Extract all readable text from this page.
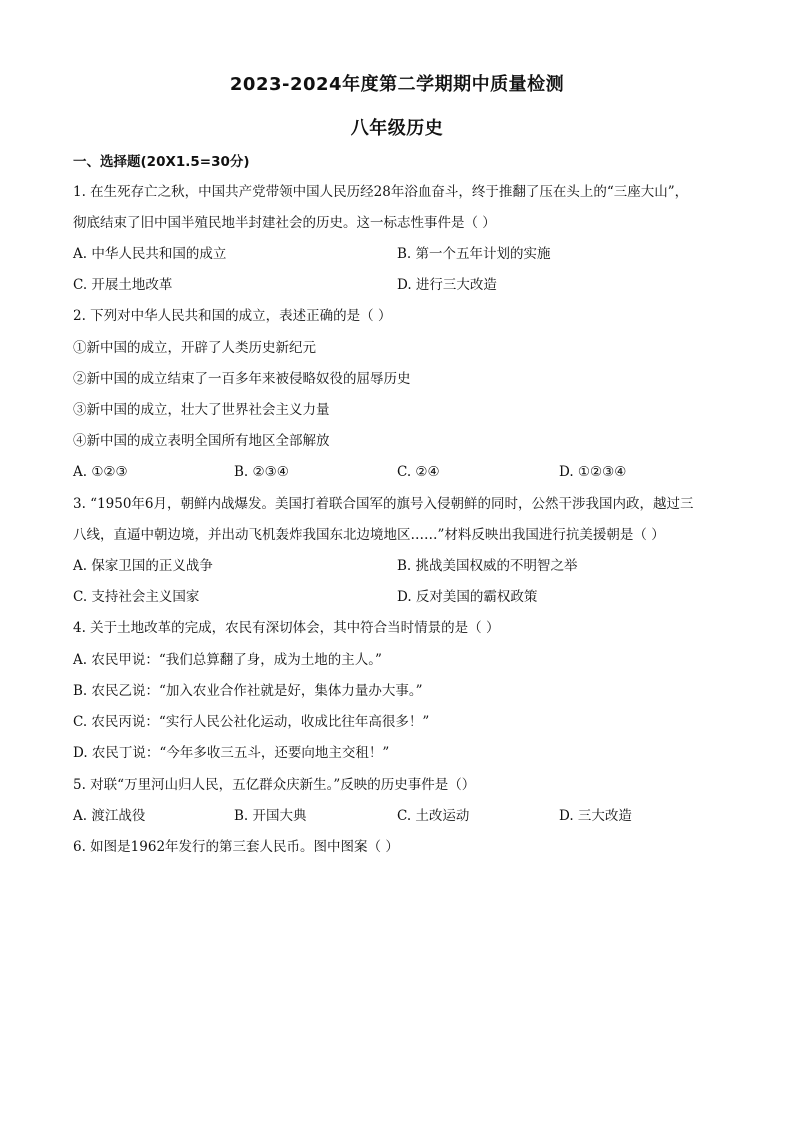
2023-2024年度第二学期期中质量检测
八年级历史
一、选择题(20X1.5=30分)
1. 在生死存亡之秋，中国共产党带领中国人民历经28年浴血奋斗，终于推翻了压在头上的“三座大山”，
彻底结束了旧中国半殖民地半封建社会的历史。这一标志性事件是（ ）
A. 中华人民共和国的成立	B. 第一个五年计划的实施
C. 开展土地改革	D. 进行三大改造
2. 下列对中华人民共和国的成立，表述正确的是（ ）
①新中国的成立，开辟了人类历史新纪元
②新中国的成立结束了一百多年来被侵略奴役的屈辱历史
③新中国的成立，壮大了世界社会主义力量
④新中国的成立表明全国所有地区全部解放
A. ①②③	B. ②③④	C. ②④	D. ①②③④
3. “1950年6月，朝鲜内战爆发。美国打着联合国军的旗号入侵朝鲜的同时，公然干涉我国内政，越过三
八线，直逼中朝边境，并出动飞机轰炸我国东北边境地区……”材料反映出我国进行抗美援朝是（ ）
A. 保家卫国的正义战争	B. 挑战美国权威的不明智之举
C. 支持社会主义国家	D. 反对美国的霸权政策
4. 关于土地改革的完成，农民有深切体会，其中符合当时情景的是（ ）
A. 农民甲说：“我们总算翻了身，成为土地的主人。”
B. 农民乙说：“加入农业合作社就是好，集体力量办大事。”
C. 农民丙说：“实行人民公社化运动，收成比往年高很多！”
D. 农民丁说：“今年多收三五斗，还要向地主交租！”
5. 对联“万里河山归人民，五亿群众庆新生。”反映的历史事件是（）
A. 渡江战役	B. 开国大典	C. 土改运动	D. 三大改造
6. 如图是1962年发行的第三套人民币。图中图案（ ）
